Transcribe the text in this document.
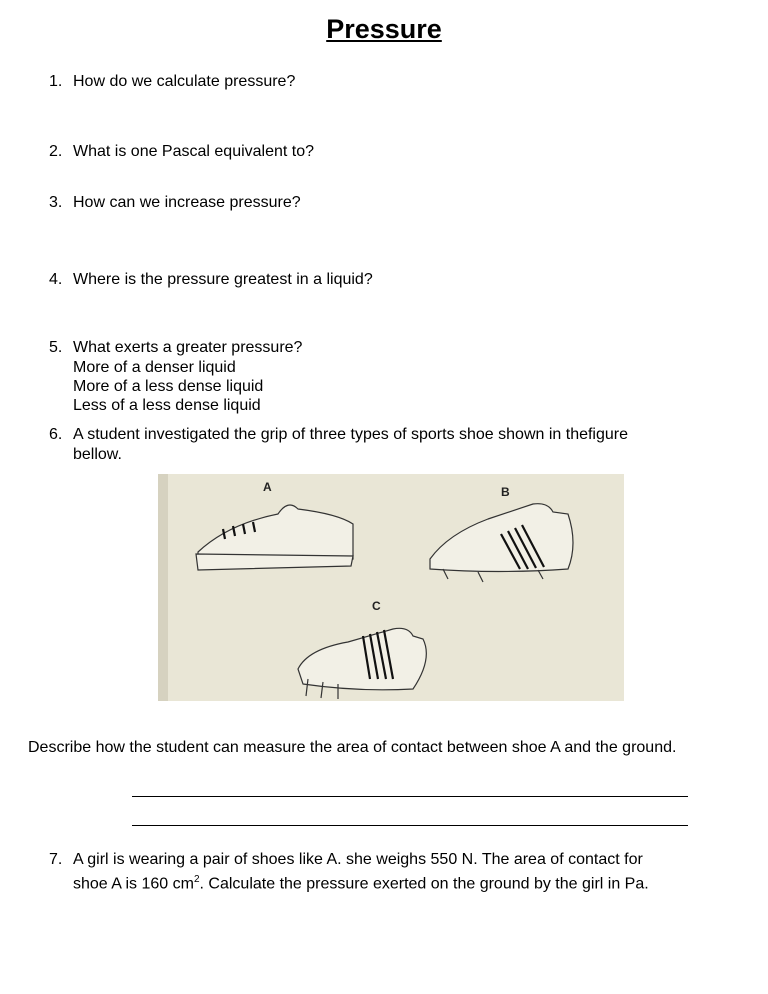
Pressure
1. How do we calculate pressure?
2. What is one Pascal equivalent to?
3. How can we increase pressure?
4. Where is the pressure greatest in a liquid?
5. What exerts a greater pressure?
More of a denser liquid
More of a less dense liquid
Less of a less dense liquid
6. A student investigated the grip of three types of sports shoe shown in thefigure
bellow.
A	B
C
Describe how the student can measure the area of contact between shoe A and the ground.
7. A girl is wearing a pair of shoes like A. she weighs 550 N. The area of contact for
shoe A is 160 $cm^2$. Calculate the pressure exerted on the ground by the girl in Pa.
